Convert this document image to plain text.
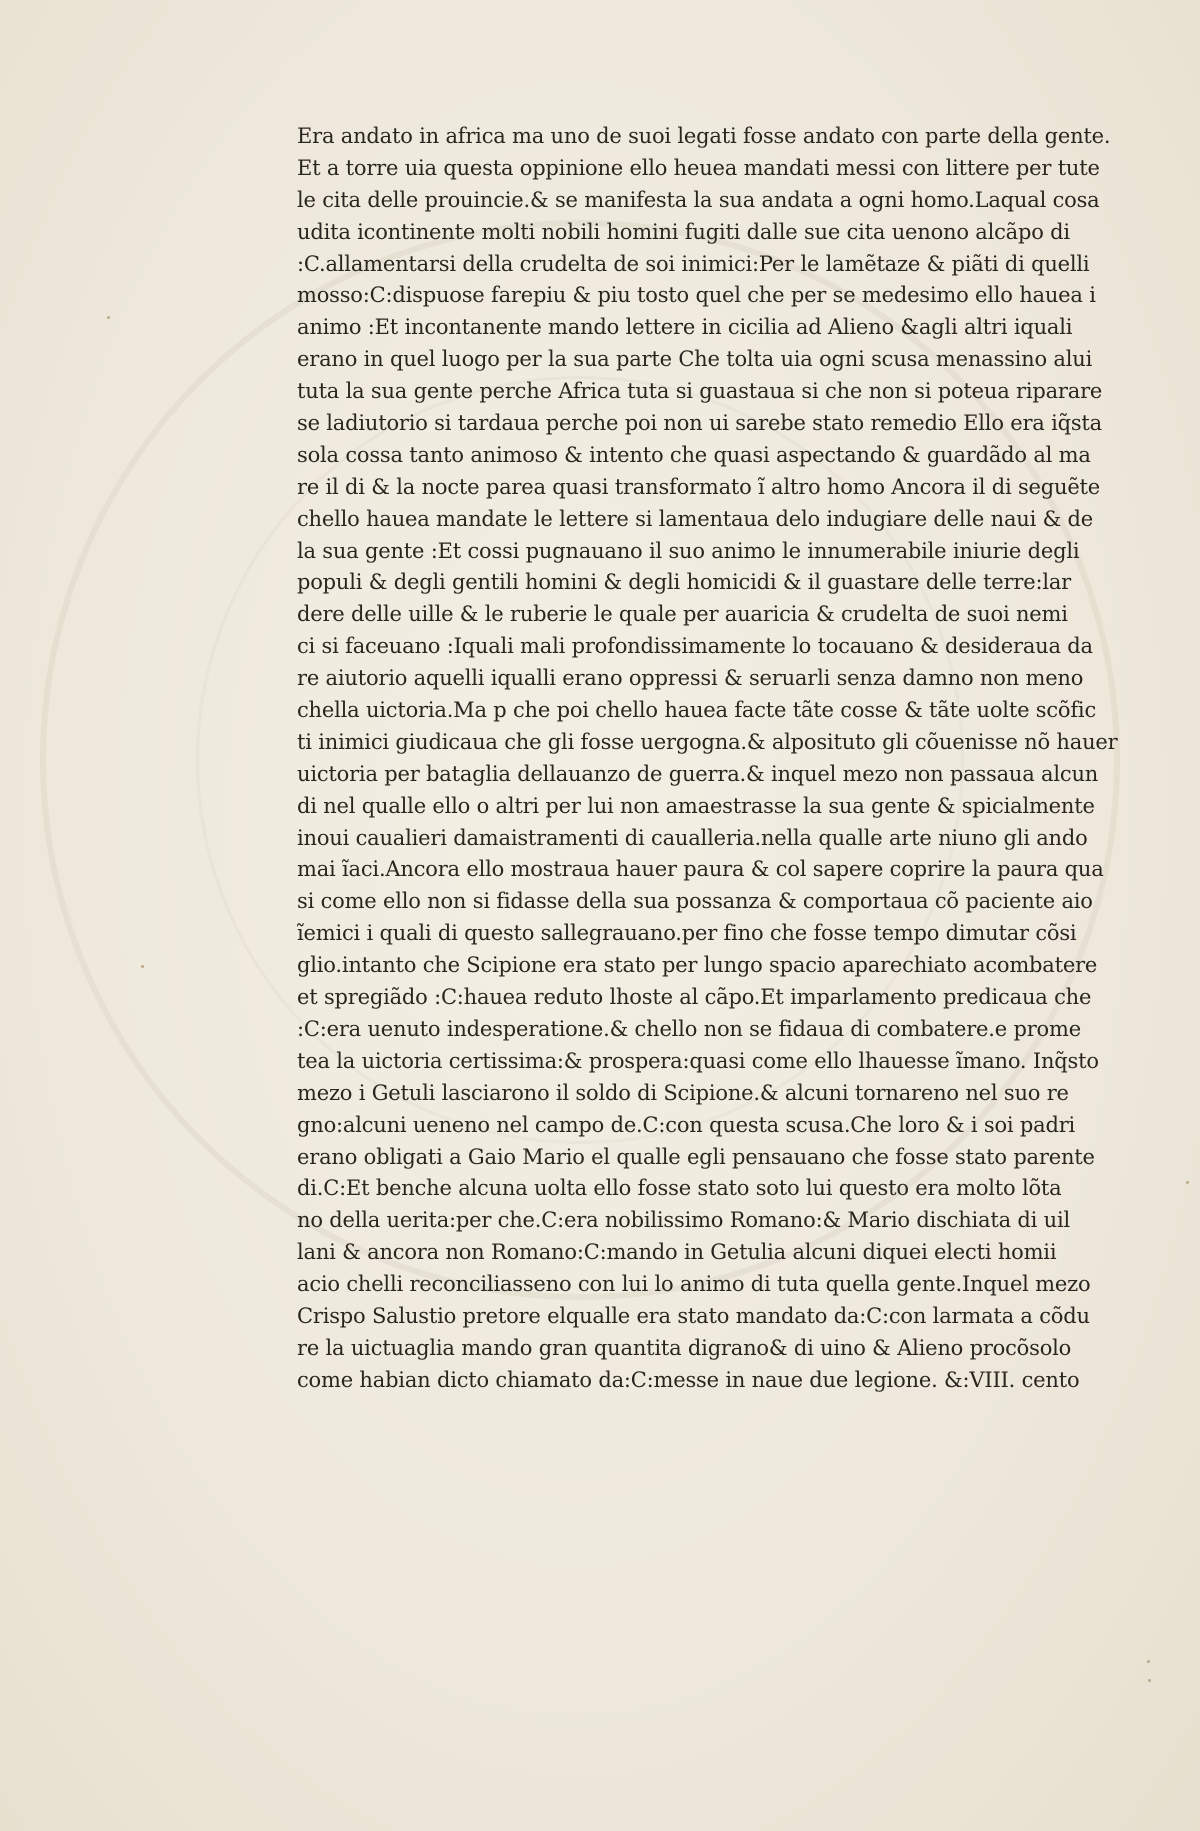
Era andato in africa ma uno de suoi legati fosse andato con parte della gente.
Et a torre uia questa oppinione ello heuea mandati messi con littere per tute
le cita delle prouincie.& se manifesta la sua andata a ogni homo.Laqual cosa
udita icontinente molti nobili homini fugiti dalle sue cita uenono alcãpo di
:C.allamentarsi della crudelta de soi inimici:Per le lamẽtaze & piãti di quelli
mosso:C:dispuose farepiu & piu tosto quel che per se medesimo ello hauea i
animo :Et incontanente mando lettere in cicilia ad Alieno &agli altri iquali
erano in quel luogo per la sua parte Che tolta uia ogni scusa menassino alui
tuta la sua gente perche Africa tuta si guastaua si che non si poteua riparare
se ladiutorio si tardaua perche poi non ui sarebe stato remedio Ello era iq̃sta
sola cossa tanto animoso & intento che quasi aspectando & guardãdo al ma
re il di & la nocte parea quasi transformato ĩ altro homo Ancora il di seguẽte
chello hauea mandate le lettere si lamentaua delo indugiare delle naui & de
la sua gente :Et cossi pugnauano il suo animo le innumerabile iniurie degli
populi & degli gentili homini & degli homicidi & il guastare delle terre:lar
dere delle uille & le ruberie le quale per auaricia & crudelta de suoi nemi
ci si faceuano :Iquali mali profondissimamente lo tocauano & desideraua da
re aiutorio aquelli iqualli erano oppressi & seruarli senza damno non meno
chella uictoria.Ma p che poi chello hauea facte tãte cosse & tãte uolte scõfic
ti inimici giudicaua che gli fosse uergogna.& alposituto gli cõuenisse nõ hauer
uictoria per bataglia dellauanzo de guerra.& inquel mezo non passaua alcun
di nel qualle ello o altri per lui non amaestrasse la sua gente & spicialmente
inoui caualieri damaistramenti di caualleria.nella qualle arte niuno gli ando
mai ĩaci.Ancora ello mostraua hauer paura & col sapere coprire la paura qua
si come ello non si fidasse della sua possanza & comportaua cõ paciente aio
ĩemici i quali di questo sallegrauano.per fino che fosse tempo dimutar cõsi
glio.intanto che Scipione era stato per lungo spacio aparechiato acombatere
et spregiãdo :C:hauea reduto lhoste al cãpo.Et imparlamento predicaua che
:C:era uenuto indesperatione.& chello non se fidaua di combatere.e prome
tea la uictoria certissima:& prospera:quasi come ello lhauesse ĩmano. Inq̃sto
mezo i Getuli lasciarono il soldo di Scipione.& alcuni tornareno nel suo re
gno:alcuni ueneno nel campo de.C:con questa scusa.Che loro & i soi padri
erano obligati a Gaio Mario el qualle egli pensauano che fosse stato parente
di.C:Et benche alcuna uolta ello fosse stato soto lui questo era molto lõta
no della uerita:per che.C:era nobilissimo Romano:& Mario dischiata di uil
lani & ancora non Romano:C:mando in Getulia alcuni diquei electi homii
acio chelli reconciliasseno con lui lo animo di tuta quella gente.Inquel mezo
Crispo Salustio pretore elqualle era stato mandato da:C:con larmata a cõdu
re la uictuaglia mando gran quantita digrano& di uino & Alieno procõsolo
come habian dicto chiamato da:C:messe in naue due legione. &:VIII. cento
